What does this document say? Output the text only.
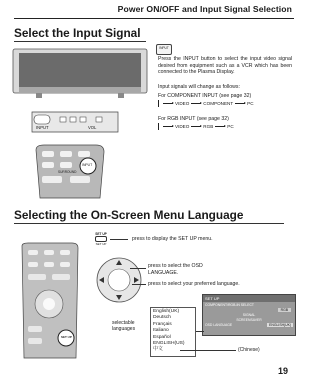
Power ON/OFF and Input Signal Selection
Select the Input Signal
INPUT
Press the INPUT button to select the input video signal desired from equipment such as a VCR which has been connected to the Plasma Display.
Input signals will change as follows:
For COMPONENT INPUT (see page 32)
VIDEO	COMPONENT	PC
For RGB INPUT (see page 32)
VIDEO	RGB	PC
INPUT	VOL
INPUT
SURROUND
Selecting the On-Screen Menu Language
SET UP
SET UP
press to display the SET UP menu.
press to select the OSD LANGUAGE.
press to select your preferred language.
SET UP
selectable languages
English(UK)
Deutsch
Français
Italiano
Español
ENGLISH(US)
中文	(Chinese)
SET UP
COMPONENT/RGB-IN SELECT
RGB
SIGNAL
SCREENSAVER
OSD LANGUAGE	ENGLISH(UK)
19
